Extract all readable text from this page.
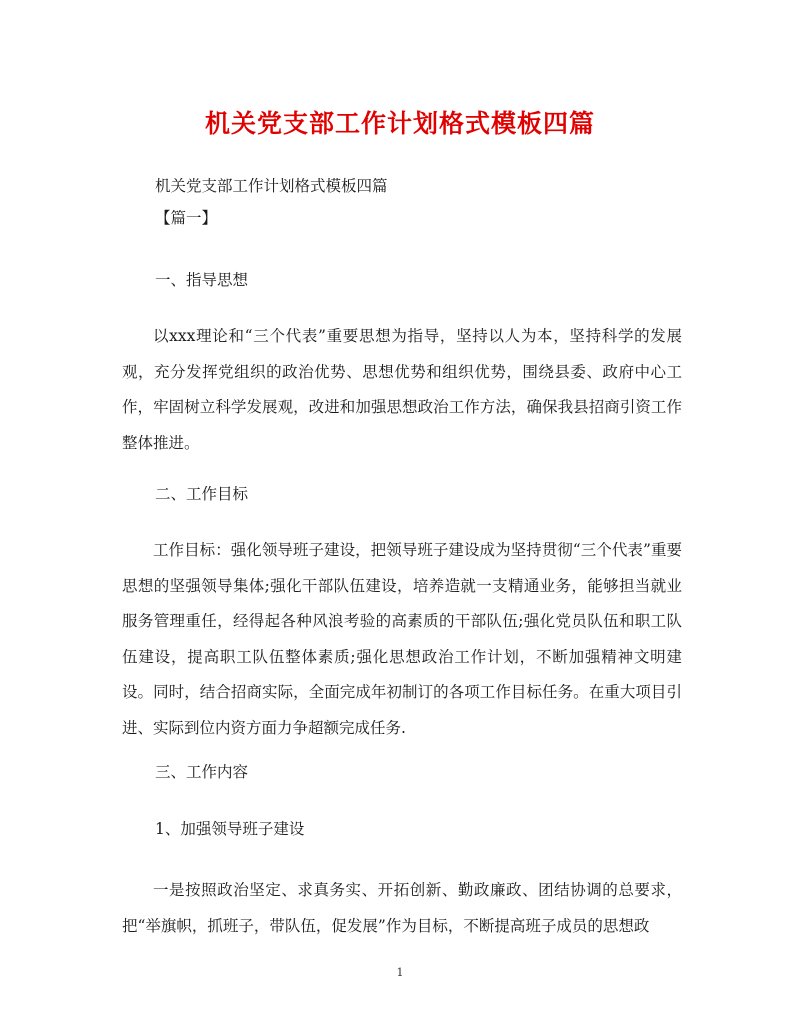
机关党支部工作计划格式模板四篇

机关党支部工作计划格式模板四篇

【篇一】

一、指导思想

以xxx理论和“三个代表”重要思想为指导，坚持以人为本，坚持科学的发展观，充分发挥党组织的政治优势、思想优势和组织优势，围绕县委、政府中心工作，牢固树立科学发展观，改进和加强思想政治工作方法，确保我县招商引资工作整体推进。

二、工作目标

工作目标：强化领导班子建设，把领导班子建设成为坚持贯彻“三个代表”重要思想的坚强领导集体;强化干部队伍建设，培养造就一支精通业务，能够担当就业服务管理重任，经得起各种风浪考验的高素质的干部队伍;强化党员队伍和职工队伍建设，提高职工队伍整体素质;强化思想政治工作计划，不断加强精神文明建设。同时，结合招商实际，全面完成年初制订的各项工作目标任务。在重大项目引进、实际到位内资方面力争超额完成任务.

三、工作内容

1、加强领导班子建设

一是按照政治坚定、求真务实、开拓创新、勤政廉政、团结协调的总要求，把“举旗帜，抓班子，带队伍，促发展”作为目标，不断提高班子成员的思想政

1
